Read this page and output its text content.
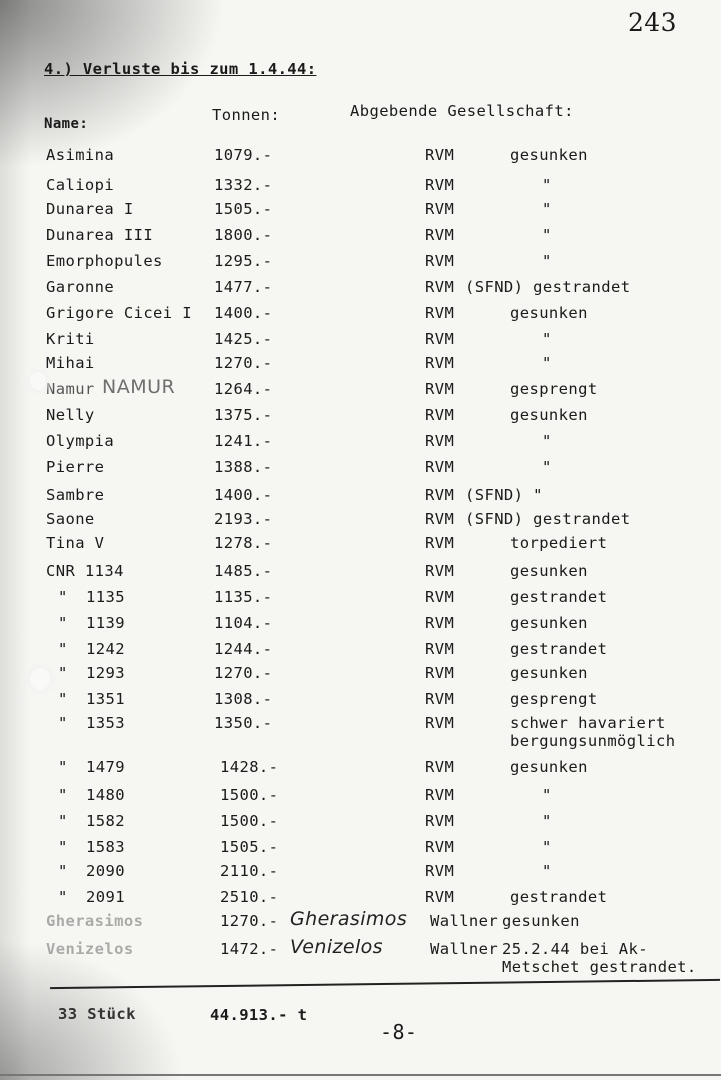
243
4.) Verluste bis zum 1.4.44:
Name:	Tonnen:	Abgebende Gesellschaft:
Asimina	1079.-	RVM	gesunken
Caliopi	1332.-	RVM	"
Dunarea I	1505.-	RVM	"
Dunarea III	1800.-	RVM	"
Emorphopules	1295.-	RVM	"
Garonne	1477.-	RVM (SFND) gestrandet
Grigore Cicei I 1400.-	RVM	gesunken
Kriti	1425.-	RVM	"
Mihai	1270.-	RVM	"
Namur	1264.-	RVM	gesprengt
NAMUR
Nelly	1375.-	RVM	gesunken
Olympia	1241.-	RVM	"
Pierre	1388.-	RVM	"
Sambre	1400.-	RVM (SFND) "
Saone	2193.-	RVM (SFND) gestrandet
Tina V	1278.-	RVM	torpediert
CNR 1134	1485.-	RVM	gesunken
" 1135	1135.-	RVM	gestrandet
" 1139	1104.-	RVM	gesunken
" 1242	1244.-	RVM	gestrandet
" 1293	1270.-	RVM	gesunken
" 1351	1308.-	RVM	gesprengt
" 1353	1350.-	RVM	schwer havariert
bergungsunmöglich
" 1479	1428.-	RVM	gesunken
" 1480	1500.-	RVM	"
" 1582	1500.-	RVM	"
" 1583	1505.-	RVM	"
" 2090	2110.-	RVM	"
" 2091	2510.-	RVM	gestrandet
Gherasimos	1270.-	Wallner gesunken
Gherasimos
Venizelos	1472.-	Wallner 25.2.44 bei Ak-
Metschet gestrandet.
Venizelos
33 Stück	44.913.- t
-8-
